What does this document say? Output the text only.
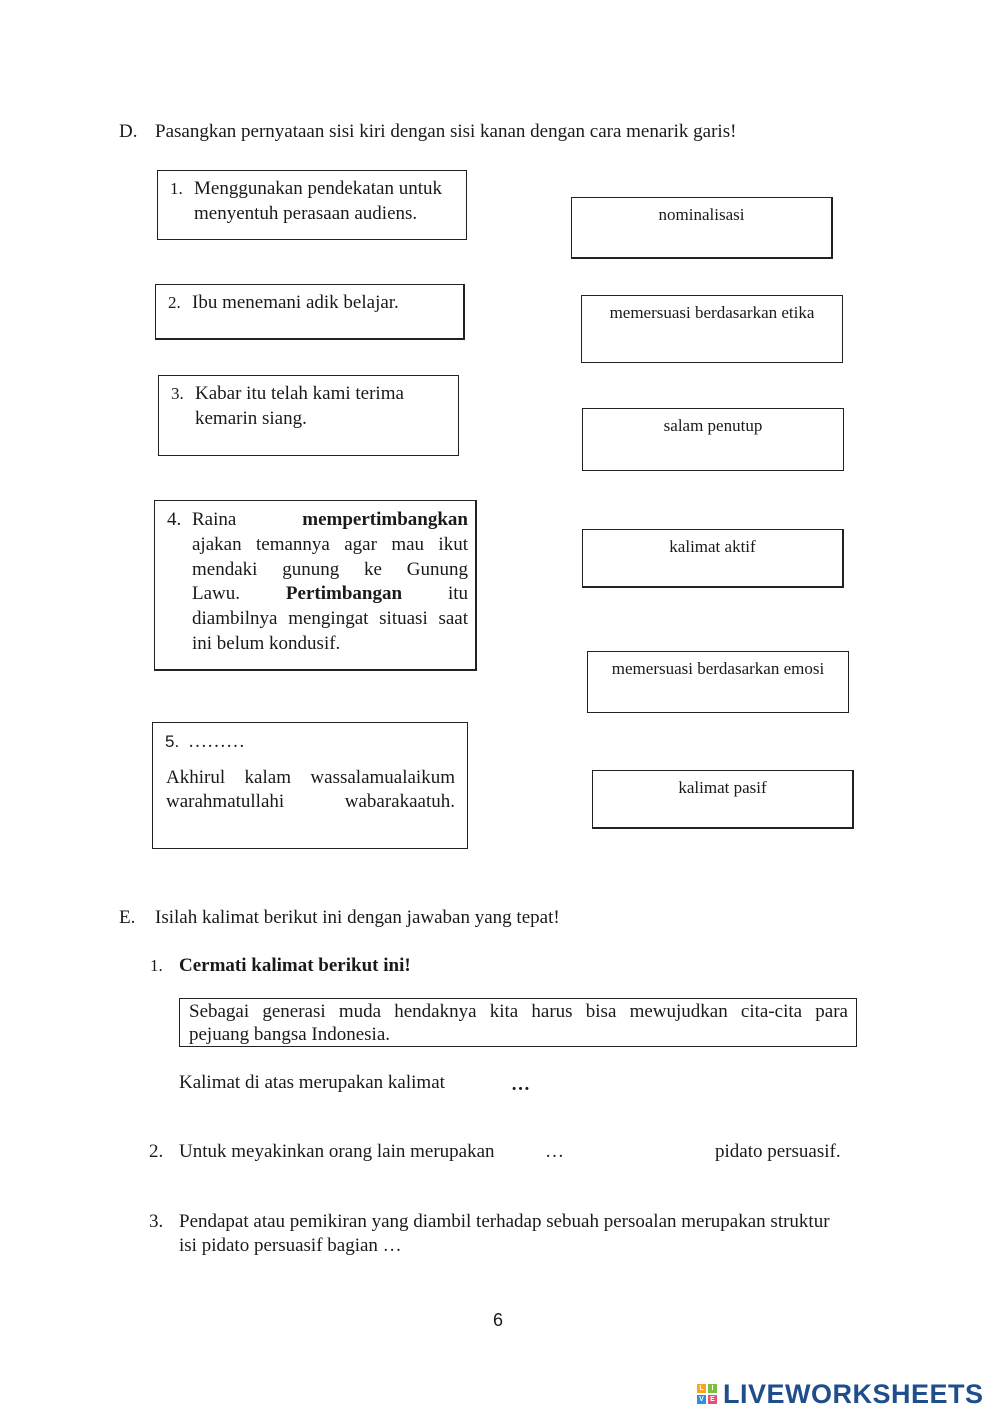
D. Pasangkan pernyataan sisi kiri dengan sisi kanan dengan cara menarik garis!
1. Menggunakan pendekatan untuk
menyentuh perasaan audiens.
2. Ibu menemani adik belajar.
3. Kabar itu telah kami terima
kemarin siang.
4. Raina	mempertimbangkan
ajakan temannya agar mau ikut
mendaki gunung ke Gunung
Lawu. Pertimbangan itu
diambilnya mengingat situasi saat
ini belum kondusif.
5. ………
Akhirul kalam wassalamualaikum
warahmatullahi	wabarakaatuh.
nominalisasi
memersuasi berdasarkan etika
salam penutup
kalimat aktif
memersuasi berdasarkan emosi
kalimat pasif
E. Isilah kalimat berikut ini dengan jawaban yang tepat!
1. Cermati kalimat berikut ini!
Sebagai generasi muda hendaknya kita harus bisa mewujudkan cita-cita para
pejuang bangsa Indonesia.
Kalimat di atas merupakan kalimat	…
2. Untuk meyakinkan orang lain merupakan	…	pidato persuasif.
3. Pendapat atau pemikiran yang diambil terhadap sebuah persoalan merupakan struktur
isi pidato persuasif bagian …
6
L	I
V E LIVEWORKSHEETS
